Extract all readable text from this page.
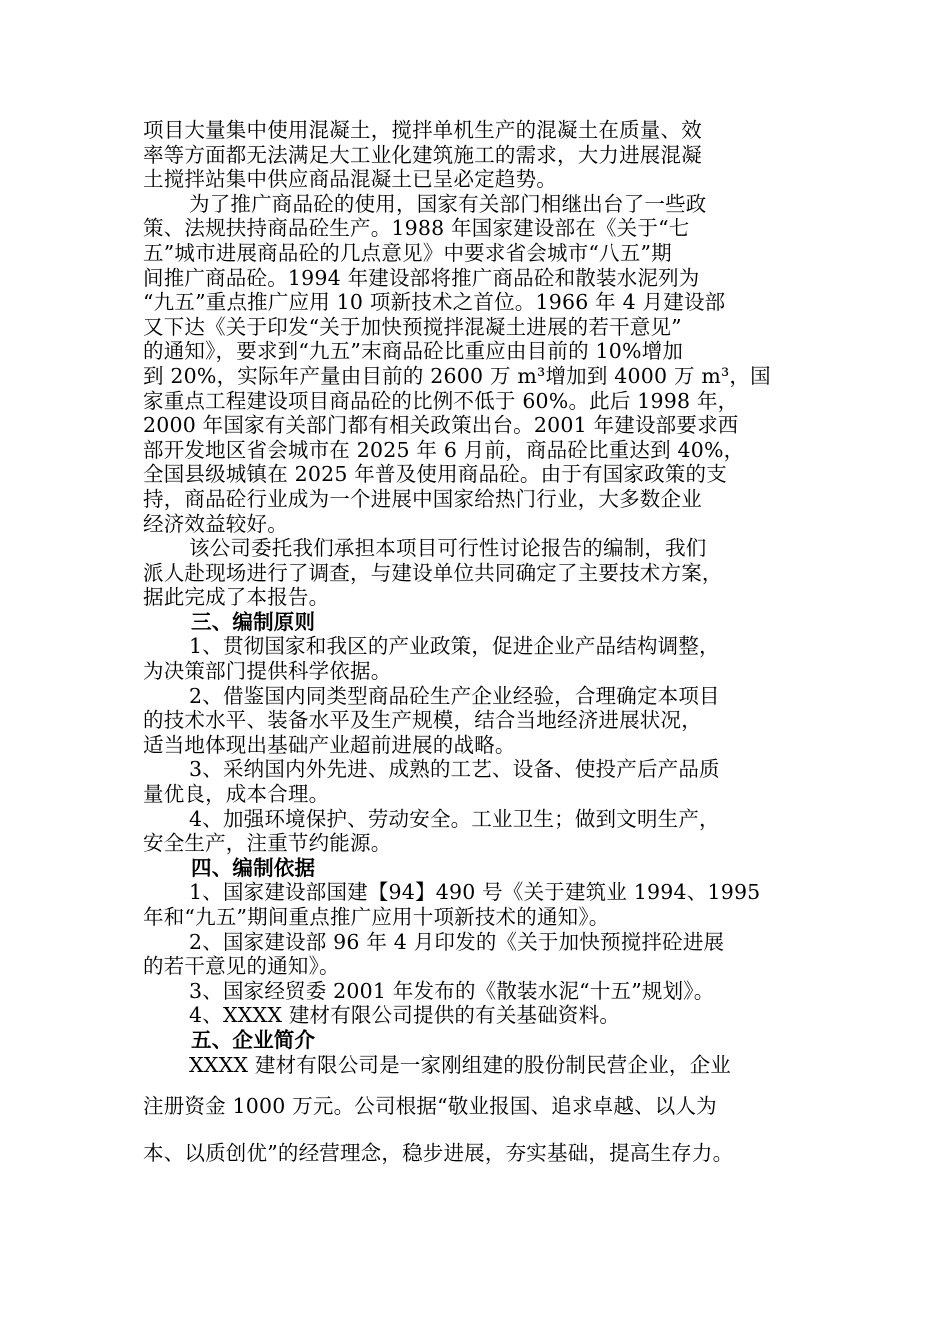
项目大量集中使用混凝土，搅拌单机生产的混凝土在质量、效
率等方面都无法满足大工业化建筑施工的需求，大力进展混凝
土搅拌站集中供应商品混凝土已呈必定趋势。
为了推广商品砼的使用，国家有关部门相继出台了一些政
策、法规扶持商品砼生产。1988 年国家建设部在《关于“七
五”城市进展商品砼的几点意见》中要求省会城市“八五”期
间推广商品砼。1994 年建设部将推广商品砼和散装水泥列为
“九五”重点推广应用 10 项新技术之首位。1966 年 4 月建设部
又下达《关于印发“关于加快预搅拌混凝土进展的若干意见”
的通知》，要求到“九五”末商品砼比重应由目前的 10%增加
到 20%，实际年产量由目前的 2600 万 m³增加到 4000 万 m³，国
家重点工程建设项目商品砼的比例不低于 60%。此后 1998 年，
2000 年国家有关部门都有相关政策出台。2001 年建设部要求西
部开发地区省会城市在 2025 年 6 月前，商品砼比重达到 40%，
全国县级城镇在 2025 年普及使用商品砼。由于有国家政策的支
持，商品砼行业成为一个进展中国家给热门行业，大多数企业
经济效益较好。
该公司委托我们承担本项目可行性讨论报告的编制，我们
派人赴现场进行了调查，与建设单位共同确定了主要技术方案，
据此完成了本报告。
三、编制原则
1、贯彻国家和我区的产业政策，促进企业产品结构调整，
为决策部门提供科学依据。
2、借鉴国内同类型商品砼生产企业经验，合理确定本项目
的技术水平、装备水平及生产规模，结合当地经济进展状况，
适当地体现出基础产业超前进展的战略。
3、采纳国内外先进、成熟的工艺、设备、使投产后产品质
量优良，成本合理。
4、加强环境保护、劳动安全。工业卫生；做到文明生产，
安全生产，注重节约能源。
四、编制依据
1、国家建设部国建【94】490 号《关于建筑业 1994、1995
年和“九五”期间重点推广应用十项新技术的通知》。
2、国家建设部 96 年 4 月印发的《关于加快预搅拌砼进展
的若干意见的通知》。
3、国家经贸委 2001 年发布的《散装水泥“十五”规划》。
4、XXXX 建材有限公司提供的有关基础资料。
五、企业简介
XXXX 建材有限公司是一家刚组建的股份制民营企业，企业
注册资金 1000 万元。公司根据“敬业报国、追求卓越、以人为
本、以质创优”的经营理念，稳步进展，夯实基础，提高生存力。
